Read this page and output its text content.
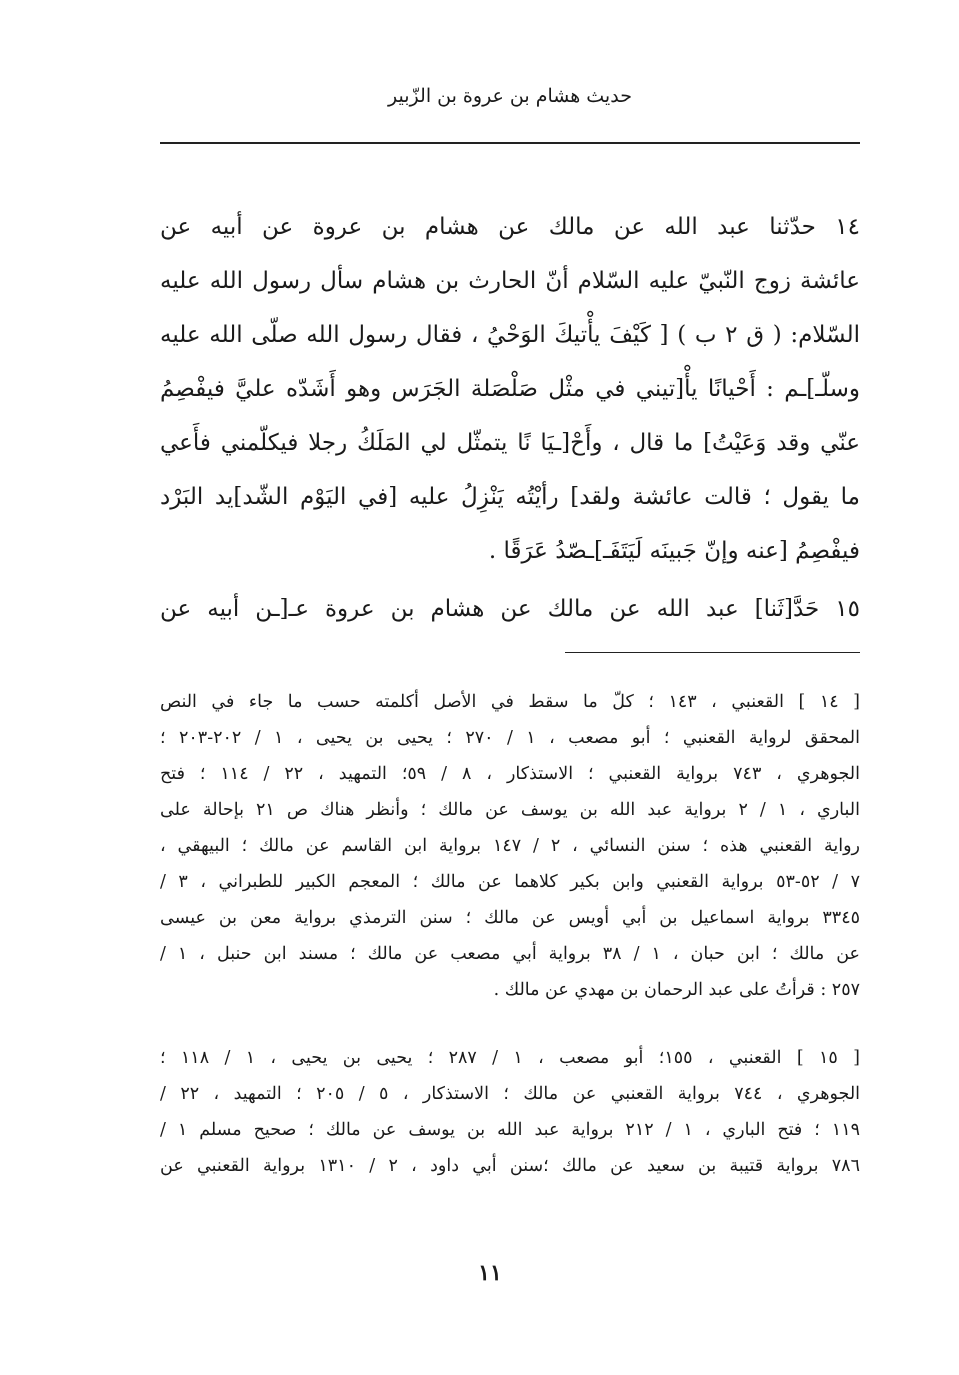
حديث هشام بن عروة بن الزّبير
١٤ حدّثنا عبد الله عن مالك عن هشام بن عروة عن أبيه عن
عائشة زوج النّبيّ عليه السّلام أنّ الحارث بن هشام سأل رسول الله عليه
السّلام: ( ق ٢ ب ) [ كَيْفَ يأْتيكَ الوَحْيُ ، فقال رسول الله صلّى الله عليه
وسلّـ]ـم : أَحْيانًا يأْ[تيني في مثْل صَلْصَلة الجَرَس وهو أَشَدّه عليَّ فيفْصِمُ
عنّي وقد وَعَيْتُ] ما قال ، وأَحْ[ـيَا نًا يتمثّل لي المَلَكُ رجلا فيكلّمني فأَعي
ما يقول ؛ قالت عائشة ولقد] رأيْتُه يَنْزِلُ عليه [في اليَوْم الشّد]يد البَرْد
فيفْصِمُ [عنه وإنّ جَبينَه لَيَتَفَـ]ـصّدُ عَرَقًا .
١٥ حَدَّ[ثَنا] عبد الله عن مالك عن هشام بن عروة عـ[ـن أبيه عن
[ ١٤ ] القعنبي ، ١٤٣ ؛ كلّ ما سقط في الأصل أكلمته حسب ما جاء في النص
المحقق لرواية القعنبي ؛ أبو مصعب ، ١ / ٢٧٠ ؛ يحيى بن يحيى ، ١ / ٢٠٢-٢٠٣ ؛
الجوهري ، ٧٤٣ برواية القعنبي ؛ الاستذكار ، ٨ / ٥٩؛ التمهيد ، ٢٢ / ١١٤ ؛ فتح
الباري ، ١ / ٢ برواية عبد الله بن يوسف عن مالك ؛ وأنظر هناك ص ٢١ بإحالة على
رواية القعنبي هذه ؛ سنن النسائي ، ٢ / ١٤٧ برواية ابن القاسم عن مالك ؛ البيهقي ،
٧ / ٥٢-٥٣ برواية القعنبي وابن بكير كلاهما عن مالك ؛ المعجم الكبير للطبراني ، ٣ /
٣٣٤٥ برواية اسماعيل بن أبي أويس عن مالك ؛ سنن الترمذي برواية معن بن عيسى
عن مالك ؛ ابن حبان ، ١ / ٣٨ برواية أبي مصعب عن مالك ؛ مسند ابن حنبل ، ١ /
٢٥٧ : قرأتُ على عبد الرحمان بن مهدي عن مالك .
[ ١٥ ] القعنبي ، ١٥٥؛ أبو مصعب ، ١ / ٢٨٧ ؛ يحيى بن يحيى ، ١ / ١١٨ ؛
الجوهري ، ٧٤٤ برواية القعنبي عن مالك ؛ الاستذكار ، ٥ / ٢٠٥ ؛ التمهيد ، ٢٢ /
١١٩ ؛ فتح الباري ، ١ / ٢١٢ برواية عبد الله بن يوسف عن مالك ؛ صحيح مسلم ١ /
٧٨٦ برواية قتيبة بن سعيد عن مالك ؛سنن أبي داود ، ٢ / ١٣١٠ برواية القعنبي عن
١١
